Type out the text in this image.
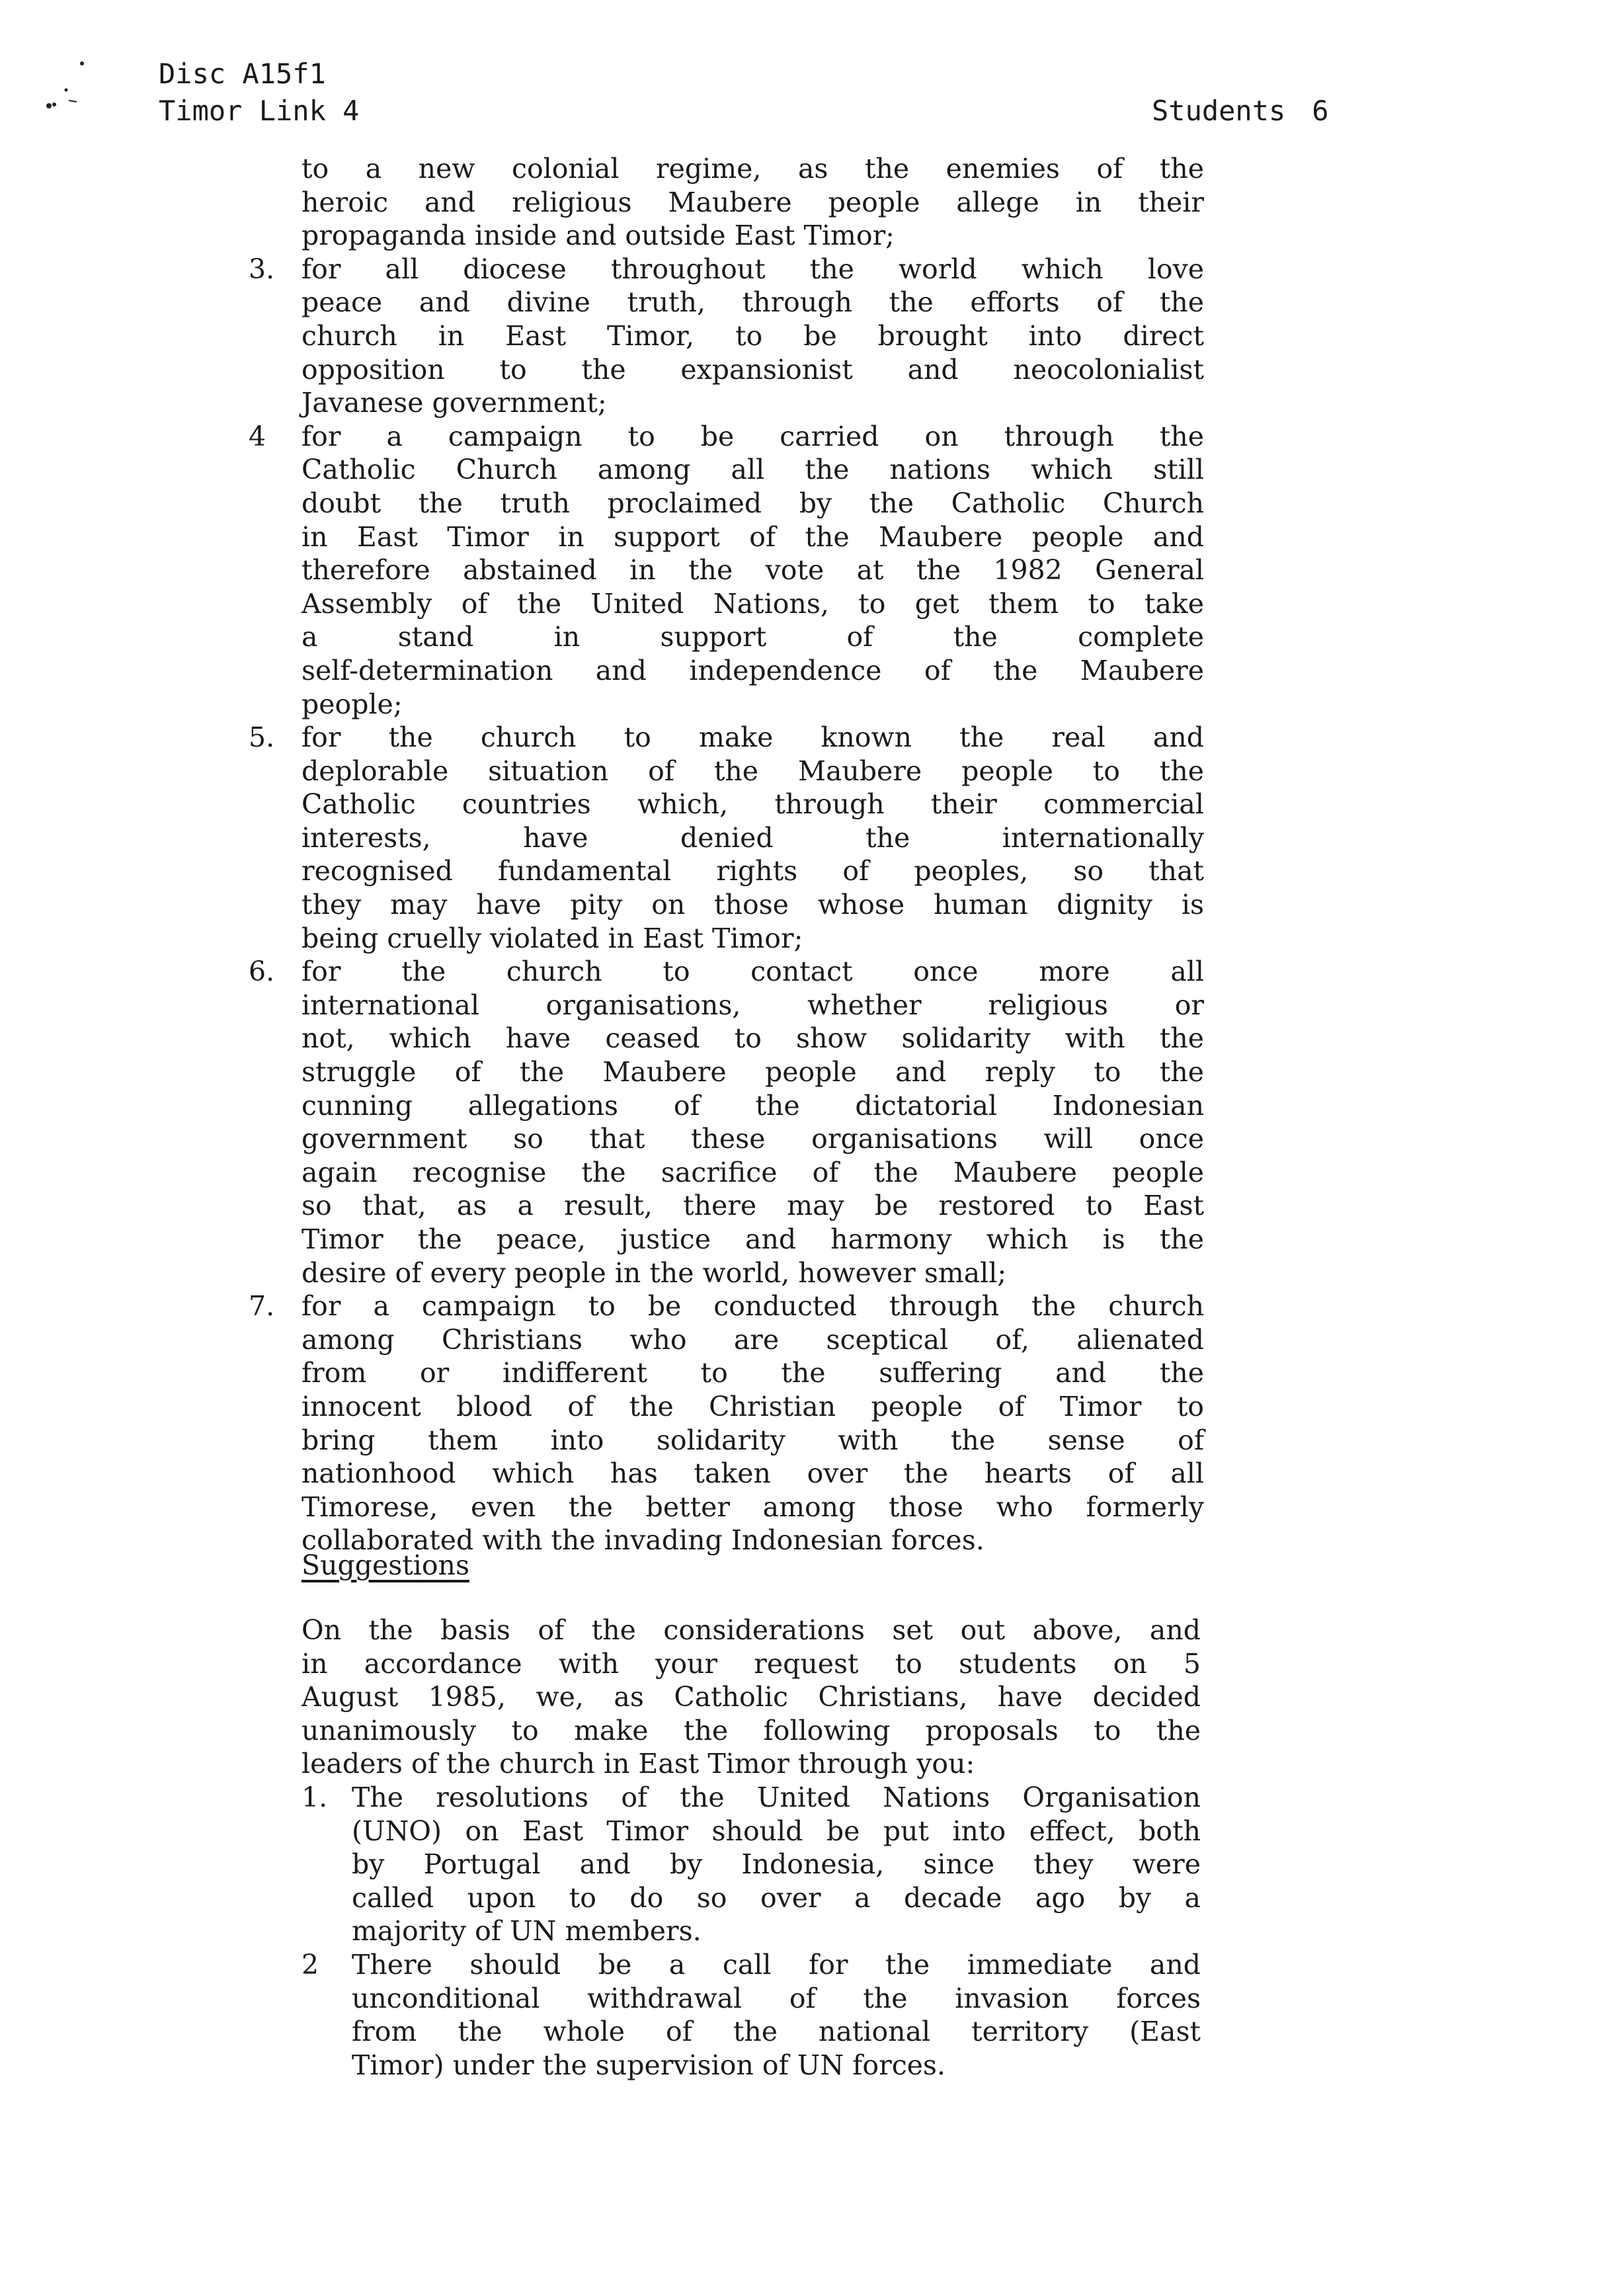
Disc A15f1
Timor Link 4	Students 6
to a new colonial regime, as the enemies of the
heroic and religious Maubere people allege in their
propaganda inside and outside East Timor;
3. for all diocese throughout the world which love
peace and divine truth, through the efforts of the
church in East Timor, to be brought into direct
opposition to the expansionist and neocolonialist
Javanese government;
4	for a campaign to be carried on through the
Catholic Church among all the nations which still
doubt the truth proclaimed by the Catholic Church
in East Timor in support of the Maubere people and
therefore abstained in the vote at the 1982 General
Assembly of the United Nations, to get them to take
a stand in support of the complete
self-determination and independence of the Maubere
people;
5. for the church to make known the real and
deplorable situation of the Maubere people to the
Catholic countries which, through their commercial
interests, have denied the internationally
recognised fundamental rights of peoples, so that
they may have pity on those whose human dignity is
being cruelly violated in East Timor;
6. for the church to contact once more all
international organisations, whether religious or
not, which have ceased to show solidarity with the
struggle of the Maubere people and reply to the
cunning allegations of the dictatorial Indonesian
government so that these organisations will once
again recognise the sacrifice of the Maubere people
so that, as a result, there may be restored to East
Timor the peace, justice and harmony which is the
desire of every people in the world, however small;
7. for a campaign to be conducted through the church
among Christians who are sceptical of, alienated
from or indifferent to the suffering and the
innocent blood of the Christian people of Timor to
bring them into solidarity with the sense of
nationhood which has taken over the hearts of all
Timorese, even the better among those who formerly
collaborated with the invading Indonesian forces.
Suggestions
On the basis of the considerations set out above, and
in accordance with your request to students on 5
August 1985, we, as Catholic Christians, have decided
unanimously to make the following proposals to the
leaders of the church in East Timor through you:
1. The resolutions of the United Nations Organisation
(UNO) on East Timor should be put into effect, both
by Portugal and by Indonesia, since they were
called upon to do so over a decade ago by a
majority of UN members.
2	There should be a call for the immediate and
unconditional withdrawal of the invasion forces
from the whole of the national territory (East
Timor) under the supervision of UN forces.
